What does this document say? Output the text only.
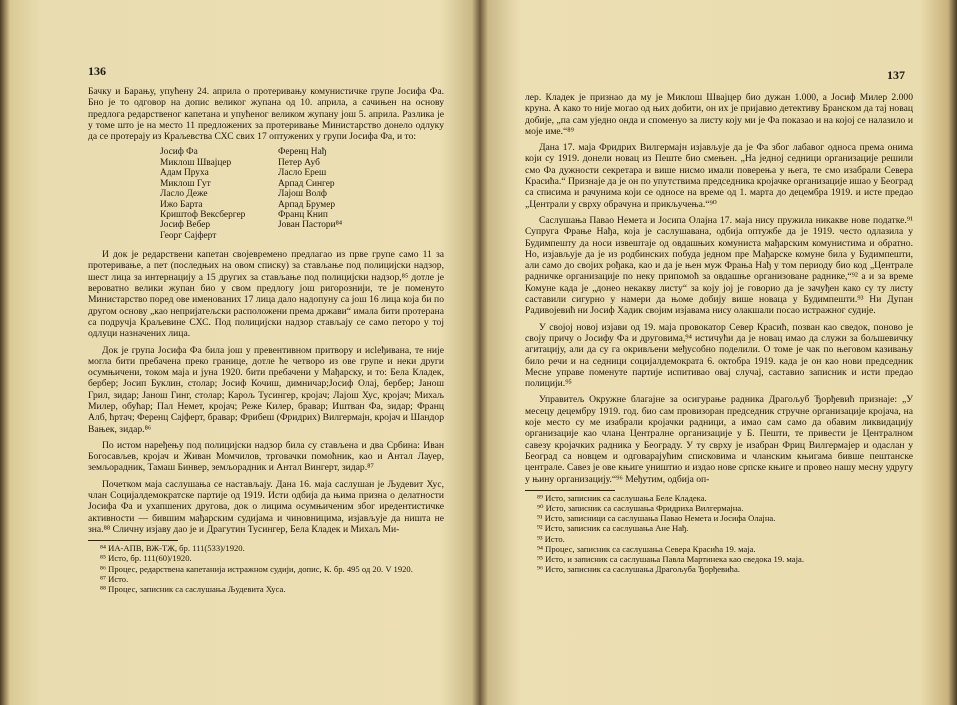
136

Бачку и Барању, упућену 24. априла о протеривању комунистичке групе Јосифа Фа. Бно је то одговор на допис великог жупана од 10. априла, а сачињен на основу предлога редарственог капетана и упућеног великом жупану још 5. априла. Разлика је у томе што је на место 11 предложених за протеривање Министарство донело одлуку да се протерају из Краљевства СХС свих 17 оптужених у групи Јосифа Фа, и то:

Јосиф Фа	Ференц Нађ
Миклош Швајцер	Петер Ауб
Адам Пруха	Ласло Ереш
Миклош Гут	Арпад Сингер
Ласло Деже	Лајош Волф
Ижо Барта	Арпад Брумер
Криштоф Вексбергер	Франц Книп
Јосиф Вебер	Јован Пастори⁸⁴
Георг Сајферт

И док је редарствени капетан својевремено предлагао из прве групе само 11 за протеривање, а пет (последњих на овом списку) за стављање под полицијски надзор, шест лица за интернацију а 15 других за стављање под полицијски надзор,⁸⁵ дотле је вероватно велики жупан био у свом предлогу још ригорознији, те је поменуто Министарство поред ове именованих 17 лица дало надопуну са још 16 лица која би по другом основу „као непријатељски расположени према држави“ имала бити протерана са подручја Краљевине СХС. Под полицијски надзор стављају се само петоро у тој одлуци назначених лица.

Док је група Јосифа Фа била још у превентивном притвору и исleђивана, те није могла бити пребачена преко границе, дотле ће четворо из ове групе и неки други осумњичени, током маја и јуна 1920. бити пребачени у Мађарску, и то: Бела Кладек, бербер; Јосип Буклин, столар; Јосиф Кочиш, димничар;Јосиф Олај, бербер; Јанош Грил, зидар; Јанош Гинг, столар; Карољ Тусингер, кројач; Лајош Хус, кројач; Михаљ Милер, обућар; Пал Немет, кројач; Реже Килер, бравар; Иштван Фа, зидар; Франц Алб, ћртач; Ференц Сајферт, бравар; Фрибеш (Фридрих) Вилгермајн, кројач и Шандор Вањек, зидар.⁸⁶

По истом наређењу под полицијски надзор била су стављена и два Србина: Иван Богосављев, кројач и Живан Момчилов, трговачки помоћник, као и Антал Лауер, земљорадник, Тамаш Бинвер, земљорадник и Антал Вингерт, зидар.⁸⁷

Почетком маја саслушања се настављају. Дана 16. маја саслушан је Људевит Хус, члан Социјалдемократске партије од 1919. Исти одбија да њима призна о делатности Јосифа Фа и ухапшених другова, док о лицима осумњиченим због иредентистичке активности — бившим мађарским судијама и чиновницима, изјављује да ништа не зна.⁸⁸ Сличну изјаву дао је и Драгутин Тусингер, Бела Кладек и Михаљ Ми-

⁸⁴ ИА-АПВ, ВЖ-ТЖ, бр. 111(533)/1920.
⁸⁵ Исто, бр. 111(60)/1920.
⁸⁶ Процес, редарствена капетанија истражном судији, допис, К. бр. 495 од 20. V 1920.
⁸⁷ Исто.
⁸⁸ Процес, записник са саслушања Људевита Хуса.
137

лер. Кладек је признао да му је Миклош Швајцер био дужан 1.000, а Јосиф Милер 2.000 круна. А како то није могао од њих добити, он их је пријавио детективу Бранском да тај новац добије, „па сам уједно онда и споменуо за листу коју ми је Фа показао и на којој се налазило и моје име.“⁸⁹

Дана 17. маја Фридрих Вилгермајн изјављује да је Фа због лабавог односа према онима који су 1919. донели новац из Пеште био смењен. „На једној седници организације решили смо Фа дужности секретара и више нисмо имали поверења у њега, те смо изабрали Севера Красића.“ Признаје да је он по упутствима председника кројачке организације ишао у Београд са списима и рачунима који се односе на време од 1. марта до децембра 1919. и исте предао „Централи у сврху обрачуна и прикључења.“⁹⁰

Саслушања Павао Немета и Јосипа Олајна 17. маја нису пружила никакве нове податке.⁹¹ Супруга Фрање Нађа, која је саслушавана, одбија оптужбе да је 1919. често одлазила у Будимпешту да носи извештаје од овдашњих комуниста мађарским комунистима и обратно. Но, изјављује да је из родбинских побуда једном пре Мађарске комуне била у Будимпешти, али само до својих рођака, као и да је њен муж Фрања Нађ у том периоду био код „Централе радничке организације по неку припомоћ за овдашње организоване раднике,“⁹² а и за време Комуне када је „донео некакву листу“ за коју јој је говорио да је зачуђен како су ту листу саставили сигурно у намери да њоме добију више новаца у Будимпешти.⁹³ Ни Дупан Радивојевић ни Јосиф Хадик својим изјавама нису олакшали посао истражног судије.

У својој новој изјави од 19. маја провокатор Север Красић, позван као сведок, поново је своју причу о Јосифу Фа и друговима,⁹⁴ истичући да је новац имао да служи за бољшевичку агитацију, али да су га окривљени међусобно поделили. О томе је чак по његовом казивању било речи и на седници социјалдемократа 6. октобра 1919. када је он као нови председник Месне управе поменуте партије испитивао овај случај, саставио записник и исти предао полицији.⁹⁵

Управитељ Окружне благајне за осигурање радника Драгољуб Ђорђевић признаје: „У месецу децембру 1919. год. био сам провизоран председник стручне организације кројача, на које место су ме изабрали кројачки радници, а имао сам само да обавим ликвидацију организације као члана Централне организације у Б. Пешти, те привести је Централном савезу кројачких радника у Београду. У ту сврху је изабран Фриц Вилгермајер и одаслан у Београд са новцем и одговарајућим списковима и чланским књигама бивше пештанске централе. Савез је ове књиге уништио и издао нове српске књиге и провео нашу месну удругу у њину организацију.“⁹⁶ Међутим, одбија оп-

⁸⁹ Исто, записник са саслушања Беле Кладека.
⁹⁰ Исто, записник са саслушања Фридриха Вилгермајна.
⁹¹ Исто, записници са саслушања Павао Немета и Јосифа Олајна.
⁹² Исто, записник са саслушања Ане Нађ.
⁹³ Исто.
⁹⁴ Процес, записник са саслушања Севера Красића 19. маја.
⁹⁵ Исто, и записник са саслушања Павла Мартинека као сведока 19. маја.
⁹⁶ Исто, записник са саслушања Драгољуба Ђорђевића.
